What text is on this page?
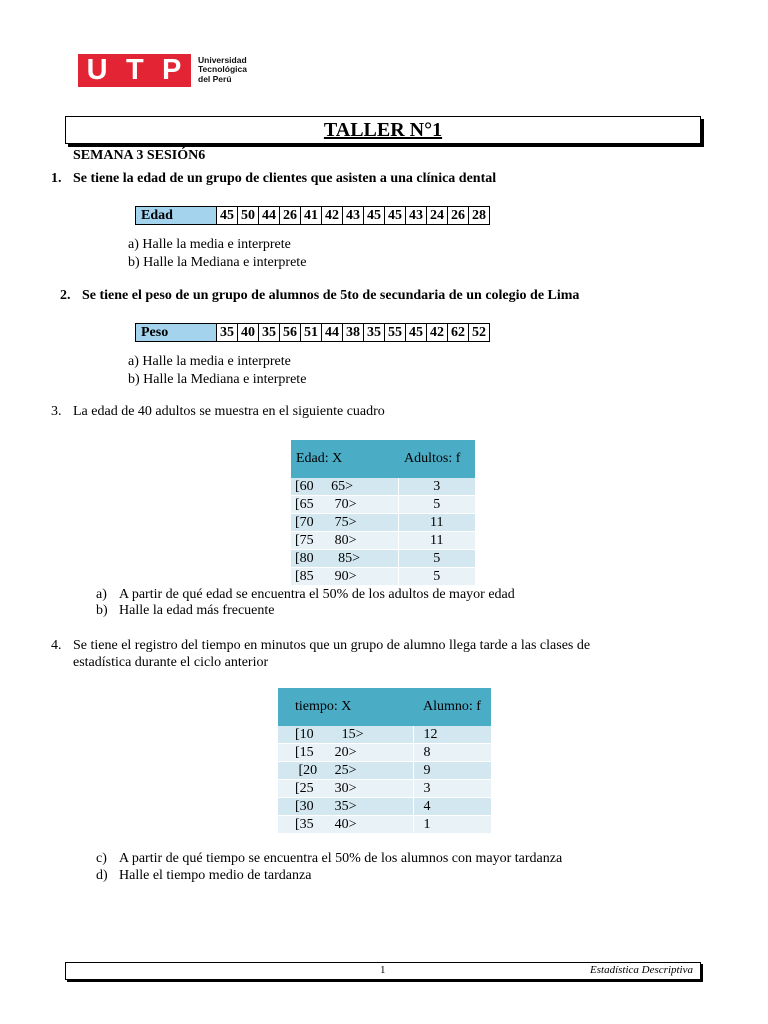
U T P Universidad
Tecnológica
del Perú
TALLER N°1
SEMANA 3 SESIÓN6
1. Se tiene la edad de un grupo de clientes que asisten a una clínica dental
Edad	45	50	44	26	41	42	43	45	45	43	24	26	28
a) Halle la media e interprete
b) Halle la Mediana e interprete
2. Se tiene el peso de un grupo de alumnos de 5to de secundaria de un colegio de Lima
Peso	35	40	35	56	51	44	38	35	55	45	42	62	52
a) Halle la media e interprete
b) Halle la Mediana e interprete
3. La edad de 40 adultos se muestra en el siguiente cuadro
Edad: X	Adultos: f
[60     65>	3
[65      70>	5
[70      75>	11
[75      80>	11
[80       85>	5
[85      90>	5
a) A partir de qué edad se encuentra el 50% de los adultos de mayor edad
b) Halle la edad más frecuente
4. Se tiene el registro del tiempo en minutos que un grupo de alumno llega tarde a las clases de
estadística durante el ciclo anterior
tiempo: X	Alumno: f
[10        15>	12
[15      20>	8
[20     25>	9
[25      30>	3
[30      35>	4
[35      40>	1
c) A partir de qué tiempo se encuentra el 50% de los alumnos con mayor tardanza
d) Halle el tiempo medio de tardanza
1	Estadística Descriptiva
